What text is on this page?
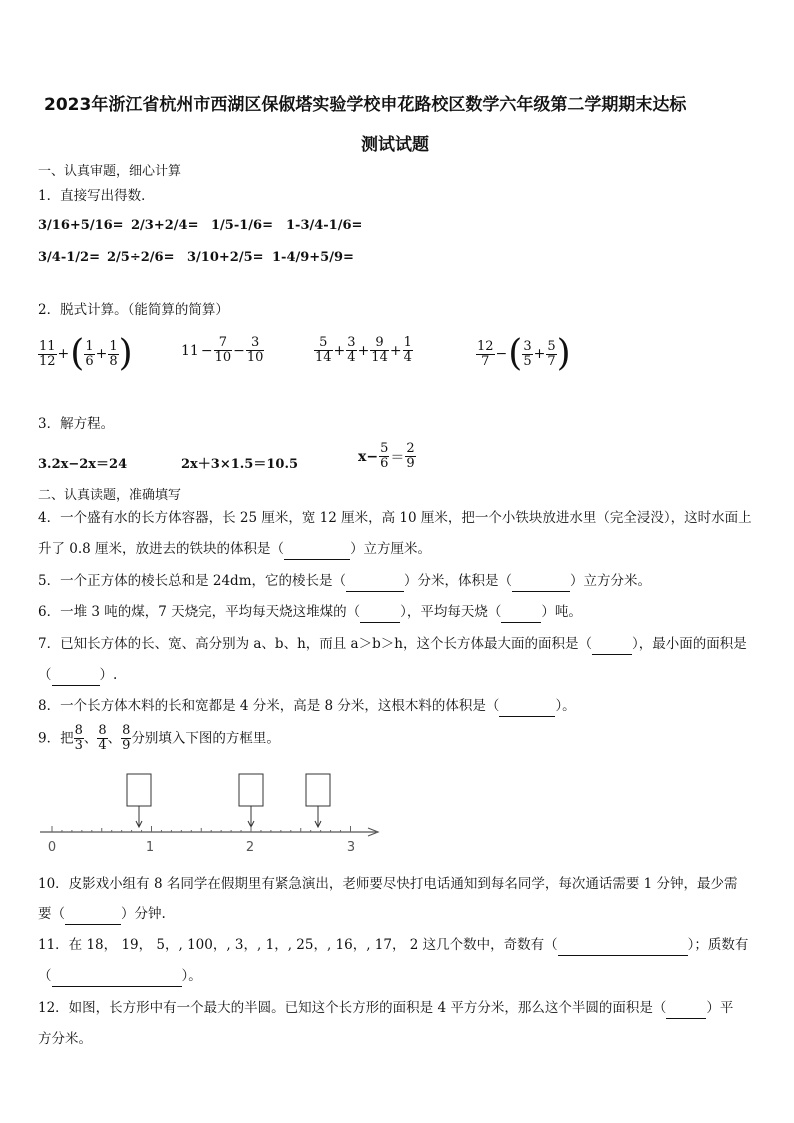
2023年浙江省杭州市西湖区保俶塔实验学校申花路校区数学六年级第二学期期末达标
测试试题
一、认真审题，细心计算
1．直接写出得数．
3/16+5/16= 2/3+2/4= 1/5-1/6= 1-3/4-1/6=
3/4-1/2= 2/5÷2/6= 3/10+2/5= 1-4/9+5/9=
2．脱式计算。（能简算的简算）
$\frac{11}{12}$ +( $\frac{1}{6} + \frac{1}{8}$ )	$11 - \frac{7}{10} - \frac{3}{10}$	$\frac{5}{14} + \frac{3}{4} + \frac{9}{14} + \frac{1}{4}$	$\frac{12}{7}$ −( $\frac{3}{5} + \frac{5}{7}$ )
3．解方程。
3.2x−2x＝24	2x＋3×1.5＝10.5	$x- \frac{5}{6} = \frac{2}{9}$
二、认真读题，准确填写
4．一个盛有水的长方体容器，长 25 厘米，宽 12 厘米，高 10 厘米，把一个小铁块放进水里（完全浸没），这时水面上
升了 0.8 厘米，放进去的铁块的体积是（	）立方厘米。
5．一个正方体的棱长总和是 24dm，它的棱长是（	）分米，体积是（	）立方分米。
6．一堆 3 吨的煤，7 天烧完，平均每天烧这堆煤的（	），平均每天烧（	）吨。
7．已知长方体的长、宽、高分别为 a、b、h，而且 a＞b＞h，这个长方体最大面的面积是（	），最小面的面积是
（	）.
8．一个长方体木料的长和宽都是 4 分米，高是 8 分米，这根木料的体积是（	）。
9．把 $\frac{8}{3}$ 、 $\frac{8}{4}$ 、 $\frac{8}{9}$ 分别填入下图的方框里。
0	1	2	3
10．皮影戏小组有 8 名同学在假期里有紧急演出，老师要尽快打电话通知到每名同学，每次通话需要 1 分钟，最少需
要（	）分钟.
11．在 18， 19， 5，, 100，, 3，, 1，, 25，, 16，, 17， 2 这几个数中，奇数有（	）；质数有
（	）。
12．如图，长方形中有一个最大的半圆。已知这个长方形的面积是 4 平方分米，那么这个半圆的面积是（	）平
方分米。
